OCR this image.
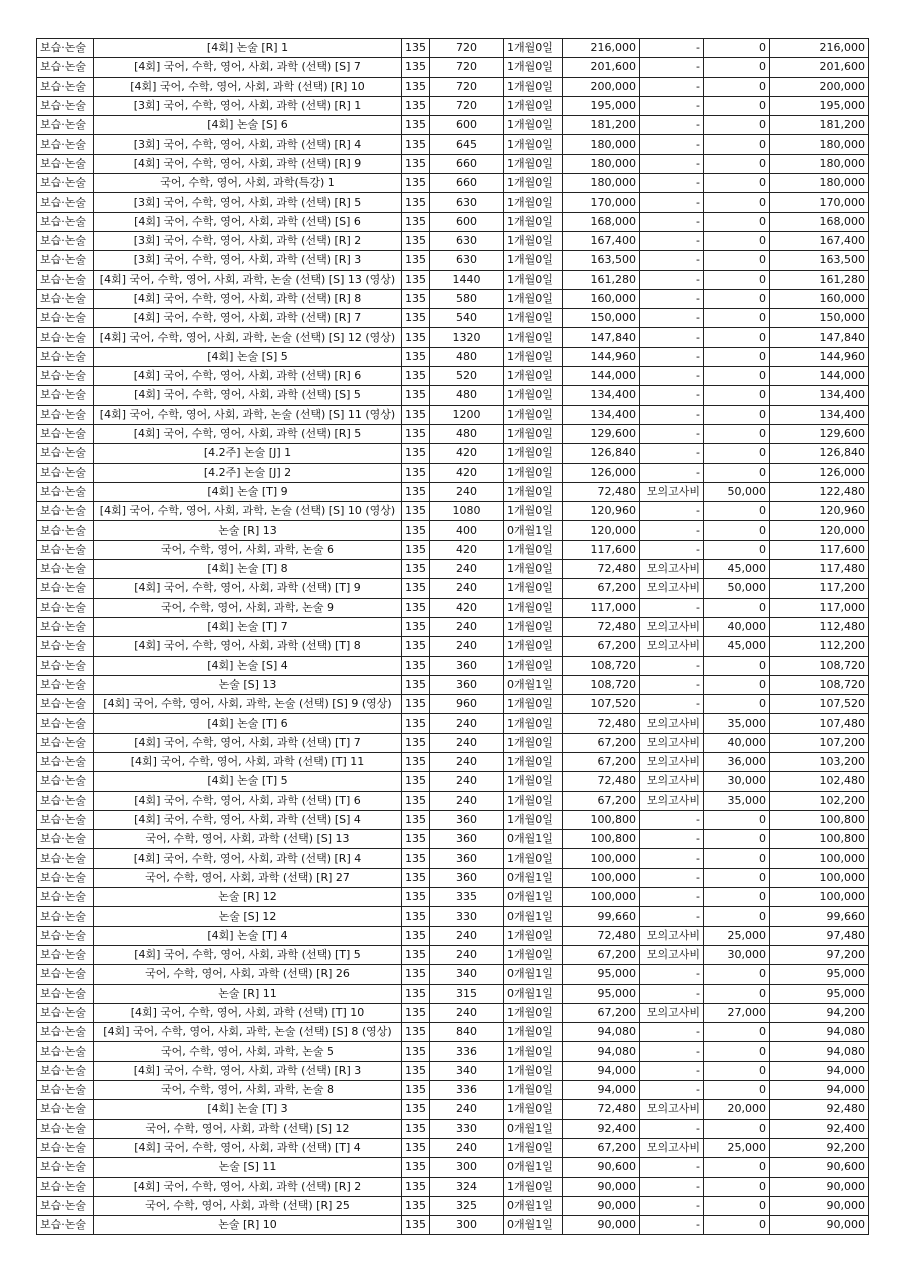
보습·논술	[4회] 논술 [R] 1	135	720	1개월0일	216,000	-	0	216,000
보습·논술	[4회] 국어, 수학, 영어, 사회, 과학 (선택) [S] 7	135	720	1개월0일	201,600	-	0	201,600
보습·논술	[4회] 국어, 수학, 영어, 사회, 과학 (선택) [R] 10	135	720	1개월0일	200,000	-	0	200,000
보습·논술	[3회] 국어, 수학, 영어, 사회, 과학 (선택) [R] 1	135	720	1개월0일	195,000	-	0	195,000
보습·논술	[4회] 논술 [S] 6	135	600	1개월0일	181,200	-	0	181,200
보습·논술	[3회] 국어, 수학, 영어, 사회, 과학 (선택) [R] 4	135	645	1개월0일	180,000	-	0	180,000
보습·논술	[4회] 국어, 수학, 영어, 사회, 과학 (선택) [R] 9	135	660	1개월0일	180,000	-	0	180,000
보습·논술	국어, 수학, 영어, 사회, 과학(특강) 1	135	660	1개월0일	180,000	-	0	180,000
보습·논술	[3회] 국어, 수학, 영어, 사회, 과학 (선택) [R] 5	135	630	1개월0일	170,000	-	0	170,000
보습·논술	[4회] 국어, 수학, 영어, 사회, 과학 (선택) [S] 6	135	600	1개월0일	168,000	-	0	168,000
보습·논술	[3회] 국어, 수학, 영어, 사회, 과학 (선택) [R] 2	135	630	1개월0일	167,400	-	0	167,400
보습·논술	[3회] 국어, 수학, 영어, 사회, 과학 (선택) [R] 3	135	630	1개월0일	163,500	-	0	163,500
보습·논술	[4회] 국어, 수학, 영어, 사회, 과학, 논술 (선택) [S] 13 (영상)	135	1440	1개월0일	161,280	-	0	161,280
보습·논술	[4회] 국어, 수학, 영어, 사회, 과학 (선택) [R] 8	135	580	1개월0일	160,000	-	0	160,000
보습·논술	[4회] 국어, 수학, 영어, 사회, 과학 (선택) [R] 7	135	540	1개월0일	150,000	-	0	150,000
보습·논술	[4회] 국어, 수학, 영어, 사회, 과학, 논술 (선택) [S] 12 (영상)	135	1320	1개월0일	147,840	-	0	147,840
보습·논술	[4회] 논술 [S] 5	135	480	1개월0일	144,960	-	0	144,960
보습·논술	[4회] 국어, 수학, 영어, 사회, 과학 (선택) [R] 6	135	520	1개월0일	144,000	-	0	144,000
보습·논술	[4회] 국어, 수학, 영어, 사회, 과학 (선택) [S] 5	135	480	1개월0일	134,400	-	0	134,400
보습·논술	[4회] 국어, 수학, 영어, 사회, 과학, 논술 (선택) [S] 11 (영상)	135	1200	1개월0일	134,400	-	0	134,400
보습·논술	[4회] 국어, 수학, 영어, 사회, 과학 (선택) [R] 5	135	480	1개월0일	129,600	-	0	129,600
보습·논술	[4.2주] 논술 [J] 1	135	420	1개월0일	126,840	-	0	126,840
보습·논술	[4.2주] 논술 [J] 2	135	420	1개월0일	126,000	-	0	126,000
보습·논술	[4회] 논술 [T] 9	135	240	1개월0일	72,480	모의고사비	50,000	122,480
보습·논술	[4회] 국어, 수학, 영어, 사회, 과학, 논술 (선택) [S] 10 (영상)	135	1080	1개월0일	120,960	-	0	120,960
보습·논술	논술 [R] 13	135	400	0개월1일	120,000	-	0	120,000
보습·논술	국어, 수학, 영어, 사회, 과학, 논술 6	135	420	1개월0일	117,600	-	0	117,600
보습·논술	[4회] 논술 [T] 8	135	240	1개월0일	72,480	모의고사비	45,000	117,480
보습·논술	[4회] 국어, 수학, 영어, 사회, 과학 (선택) [T] 9	135	240	1개월0일	67,200	모의고사비	50,000	117,200
보습·논술	국어, 수학, 영어, 사회, 과학, 논술 9	135	420	1개월0일	117,000	-	0	117,000
보습·논술	[4회] 논술 [T] 7	135	240	1개월0일	72,480	모의고사비	40,000	112,480
보습·논술	[4회] 국어, 수학, 영어, 사회, 과학 (선택) [T] 8	135	240	1개월0일	67,200	모의고사비	45,000	112,200
보습·논술	[4회] 논술 [S] 4	135	360	1개월0일	108,720	-	0	108,720
보습·논술	논술 [S] 13	135	360	0개월1일	108,720	-	0	108,720
보습·논술	[4회] 국어, 수학, 영어, 사회, 과학, 논술 (선택) [S] 9 (영상)	135	960	1개월0일	107,520	-	0	107,520
보습·논술	[4회] 논술 [T] 6	135	240	1개월0일	72,480	모의고사비	35,000	107,480
보습·논술	[4회] 국어, 수학, 영어, 사회, 과학 (선택) [T] 7	135	240	1개월0일	67,200	모의고사비	40,000	107,200
보습·논술	[4회] 국어, 수학, 영어, 사회, 과학 (선택) [T] 11	135	240	1개월0일	67,200	모의고사비	36,000	103,200
보습·논술	[4회] 논술 [T] 5	135	240	1개월0일	72,480	모의고사비	30,000	102,480
보습·논술	[4회] 국어, 수학, 영어, 사회, 과학 (선택) [T] 6	135	240	1개월0일	67,200	모의고사비	35,000	102,200
보습·논술	[4회] 국어, 수학, 영어, 사회, 과학 (선택) [S] 4	135	360	1개월0일	100,800	-	0	100,800
보습·논술	국어, 수학, 영어, 사회, 과학 (선택) [S] 13	135	360	0개월1일	100,800	-	0	100,800
보습·논술	[4회] 국어, 수학, 영어, 사회, 과학 (선택) [R] 4	135	360	1개월0일	100,000	-	0	100,000
보습·논술	국어, 수학, 영어, 사회, 과학 (선택) [R] 27	135	360	0개월1일	100,000	-	0	100,000
보습·논술	논술 [R] 12	135	335	0개월1일	100,000	-	0	100,000
보습·논술	논술 [S] 12	135	330	0개월1일	99,660	-	0	99,660
보습·논술	[4회] 논술 [T] 4	135	240	1개월0일	72,480	모의고사비	25,000	97,480
보습·논술	[4회] 국어, 수학, 영어, 사회, 과학 (선택) [T] 5	135	240	1개월0일	67,200	모의고사비	30,000	97,200
보습·논술	국어, 수학, 영어, 사회, 과학 (선택) [R] 26	135	340	0개월1일	95,000	-	0	95,000
보습·논술	논술 [R] 11	135	315	0개월1일	95,000	-	0	95,000
보습·논술	[4회] 국어, 수학, 영어, 사회, 과학 (선택) [T] 10	135	240	1개월0일	67,200	모의고사비	27,000	94,200
보습·논술	[4회] 국어, 수학, 영어, 사회, 과학, 논술 (선택) [S] 8 (영상)	135	840	1개월0일	94,080	-	0	94,080
보습·논술	국어, 수학, 영어, 사회, 과학, 논술 5	135	336	1개월0일	94,080	-	0	94,080
보습·논술	[4회] 국어, 수학, 영어, 사회, 과학 (선택) [R] 3	135	340	1개월0일	94,000	-	0	94,000
보습·논술	국어, 수학, 영어, 사회, 과학, 논술 8	135	336	1개월0일	94,000	-	0	94,000
보습·논술	[4회] 논술 [T] 3	135	240	1개월0일	72,480	모의고사비	20,000	92,480
보습·논술	국어, 수학, 영어, 사회, 과학 (선택) [S] 12	135	330	0개월1일	92,400	-	0	92,400
보습·논술	[4회] 국어, 수학, 영어, 사회, 과학 (선택) [T] 4	135	240	1개월0일	67,200	모의고사비	25,000	92,200
보습·논술	논술 [S] 11	135	300	0개월1일	90,600	-	0	90,600
보습·논술	[4회] 국어, 수학, 영어, 사회, 과학 (선택) [R] 2	135	324	1개월0일	90,000	-	0	90,000
보습·논술	국어, 수학, 영어, 사회, 과학 (선택) [R] 25	135	325	0개월1일	90,000	-	0	90,000
보습·논술	논술 [R] 10	135	300	0개월1일	90,000	-	0	90,000
